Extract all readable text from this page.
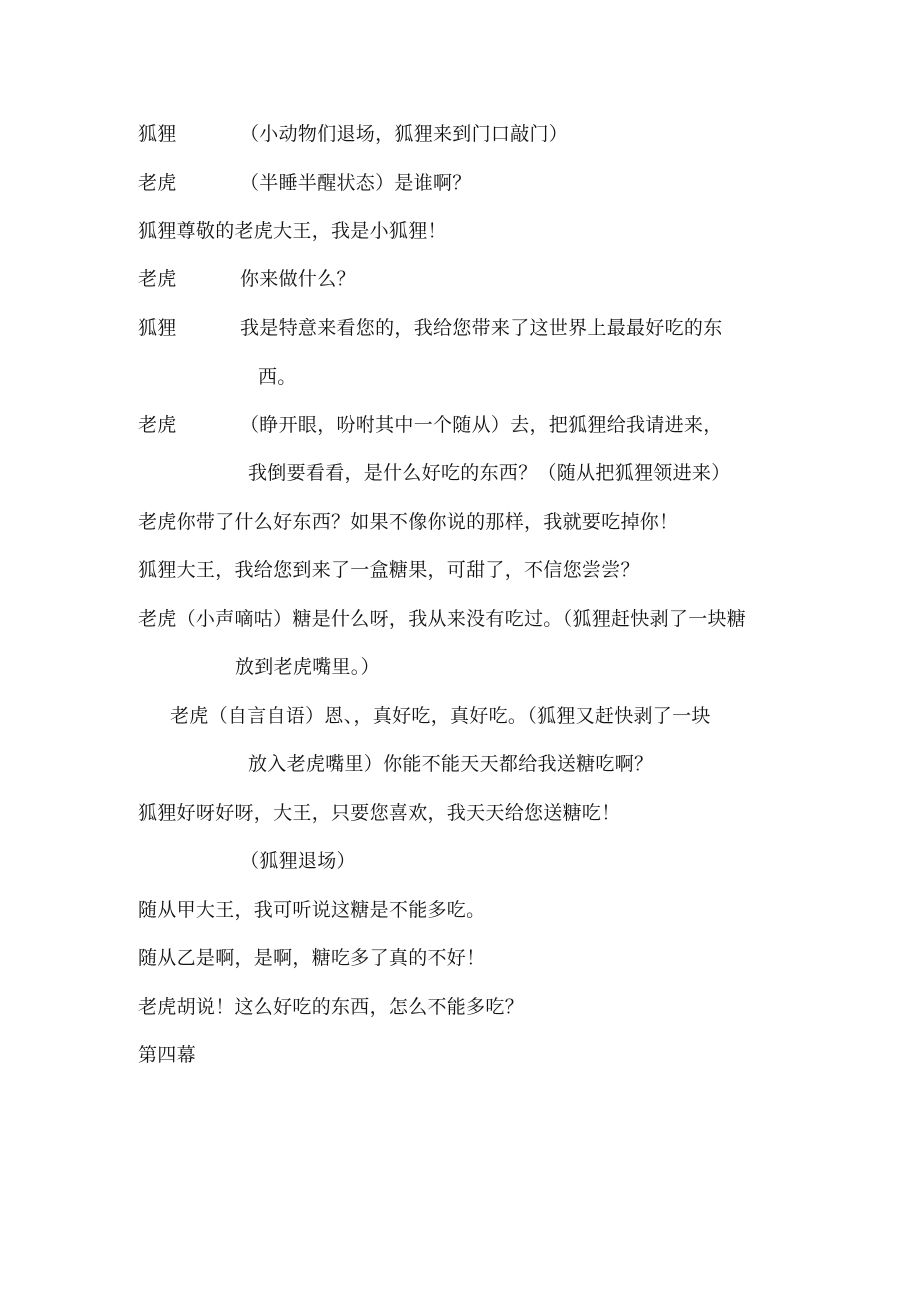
狐狸	（小动物们退场，狐狸来到门口敲门）
老虎	（半睡半醒状态）是谁啊？
狐狸尊敬的老虎大王，我是小狐狸！
老虎	你来做什么？
狐狸	我是特意来看您的，我给您带来了这世界上最最好吃的东
西。
老虎	（睁开眼，吩咐其中一个随从）去，把狐狸给我请进来，
我倒要看看，是什么好吃的东西？（随从把狐狸领进来）
老虎你带了什么好东西？如果不像你说的那样，我就要吃掉你！
狐狸大王，我给您到来了一盒糖果，可甜了，不信您尝尝？
老虎（小声嘀咕）糖是什么呀，我从来没有吃过。（狐狸赶快剥了一块糖
放到老虎嘴里。）
老虎（自言自语）恩、，真好吃，真好吃。（狐狸又赶快剥了一块
放入老虎嘴里）你能不能天天都给我送糖吃啊？
狐狸好呀好呀，大王，只要您喜欢，我天天给您送糖吃！
（狐狸退场）
随从甲大王，我可听说这糖是不能多吃。
随从乙是啊，是啊，糖吃多了真的不好！
老虎胡说！这么好吃的东西，怎么不能多吃？
第四幕
